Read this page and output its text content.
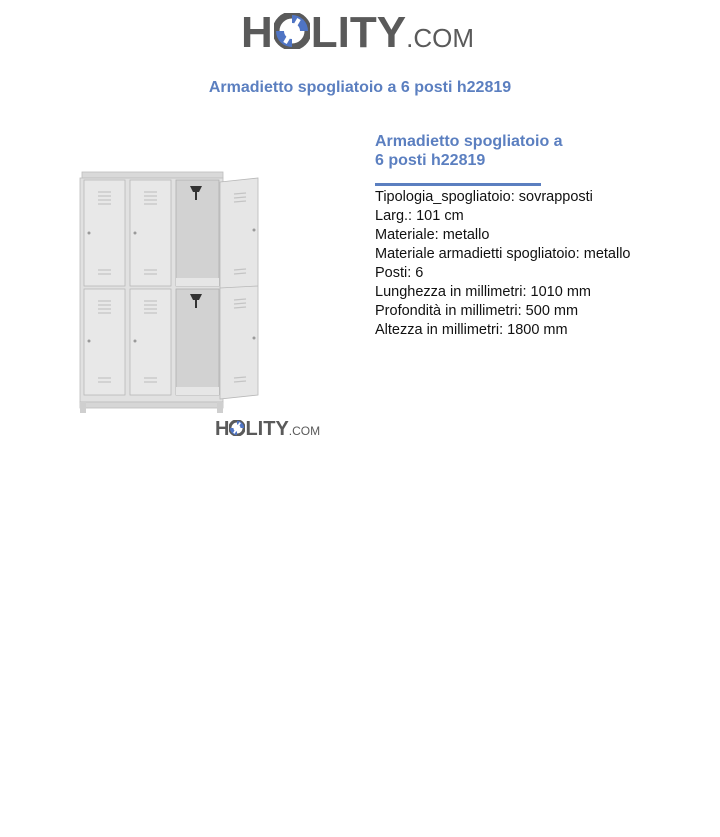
H LITY .COM
Armadietto spogliatoio a 6 posti h22819
H LITY .COM
Armadietto spogliatoio a
6 posti h22819
Tipologia_spogliatoio: sovrapposti
Larg.: 101 cm
Materiale: metallo
Materiale armadietti spogliatoio: metallo
Posti: 6
Lunghezza in millimetri: 1010 mm
Profondità in millimetri: 500 mm
Altezza in millimetri: 1800 mm
